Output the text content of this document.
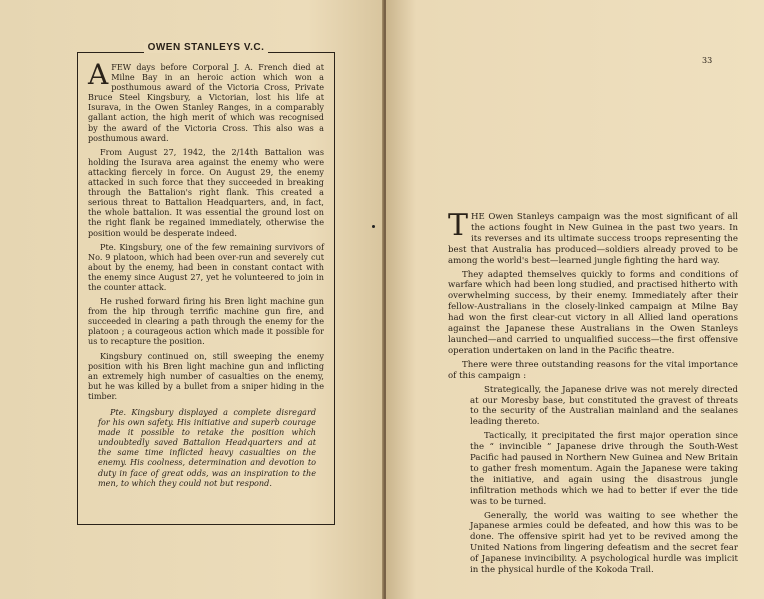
OWEN STANLEYS V.C.

AFEW days before Corporal J. A. French died at Milne Bay in an heroic action which won a posthumous award of the Victoria Cross, Private Bruce Steel Kingsbury, a Victorian, lost his life at Isurava, in the Owen Stanley Ranges, in a comparably gallant action, the high merit of which was recognised by the award of the Victoria Cross. This also was a posthumous award.

From August 27, 1942, the 2/14th Battalion was holding the Isurava area against the enemy who were attacking fiercely in force. On August 29, the enemy attacked in such force that they succeeded in breaking through the Battalion's right flank. This created a serious threat to Battalion Headquarters, and, in fact, the whole battalion. It was essential the ground lost on the right flank be regained immediately, otherwise the position would be desperate indeed.

Pte. Kingsbury, one of the few remaining survivors of No. 9 platoon, which had been over-run and severely cut about by the enemy, had been in constant contact with the enemy since August 27, yet he volunteered to join in the counter attack.

He rushed forward firing his Bren light machine gun from the hip through terrific machine gun fire, and succeeded in clearing a path through the enemy for the platoon ; a courageous action which made it possible for us to recapture the position.

Kingsbury continued on, still sweeping the enemy position with his Bren light machine gun and inflicting an extremely high number of casualties on the enemy, but he was killed by a bullet from a sniper hiding in the timber.

Pte. Kingsbury displayed a complete disregard for his own safety. His initiative and superb courage made it possible to retake the position which undoubtedly saved Battalion Headquarters and at the same time inflicted heavy casualties on the enemy. His coolness, determination and devotion to duty in face of great odds, was an inspiration to the men, to which they could not but respond.

33

THE Owen Stanleys campaign was the most significant of all the actions fought in New Guinea in the past two years. In its reverses and its ultimate success troops representing the best that Australia has produced—soldiers already proved to be among the world's best—learned jungle fighting the hard way.

They adapted themselves quickly to forms and conditions of warfare which had been long studied, and practised hitherto with overwhelming success, by their enemy. Immediately after their fellow-Australians in the closely-linked campaign at Milne Bay had won the first clear-cut victory in all Allied land operations against the Japanese these Australians in the Owen Stanleys launched—and carried to unqualified success—the first offensive operation undertaken on land in the Pacific theatre.

There were three outstanding reasons for the vital importance of this campaign :

Strategically, the Japanese drive was not merely directed at our Moresby base, but constituted the gravest of threats to the security of the Australian mainland and the sealanes leading thereto.

Tactically, it precipitated the first major operation since the “ invincible ” Japanese drive through the South-West Pacific had paused in Northern New Guinea and New Britain to gather fresh momentum. Again the Japanese were taking the initiative, and again using the disastrous jungle infiltration methods which we had to better if ever the tide was to be turned.

Generally, the world was waiting to see whether the Japanese armies could be defeated, and how this was to be done. The offensive spirit had yet to be revived among the United Nations from lingering defeatism and the secret fear of Japanese invincibility. A psychological hurdle was implicit in the physical hurdle of the Kokoda Trail.
